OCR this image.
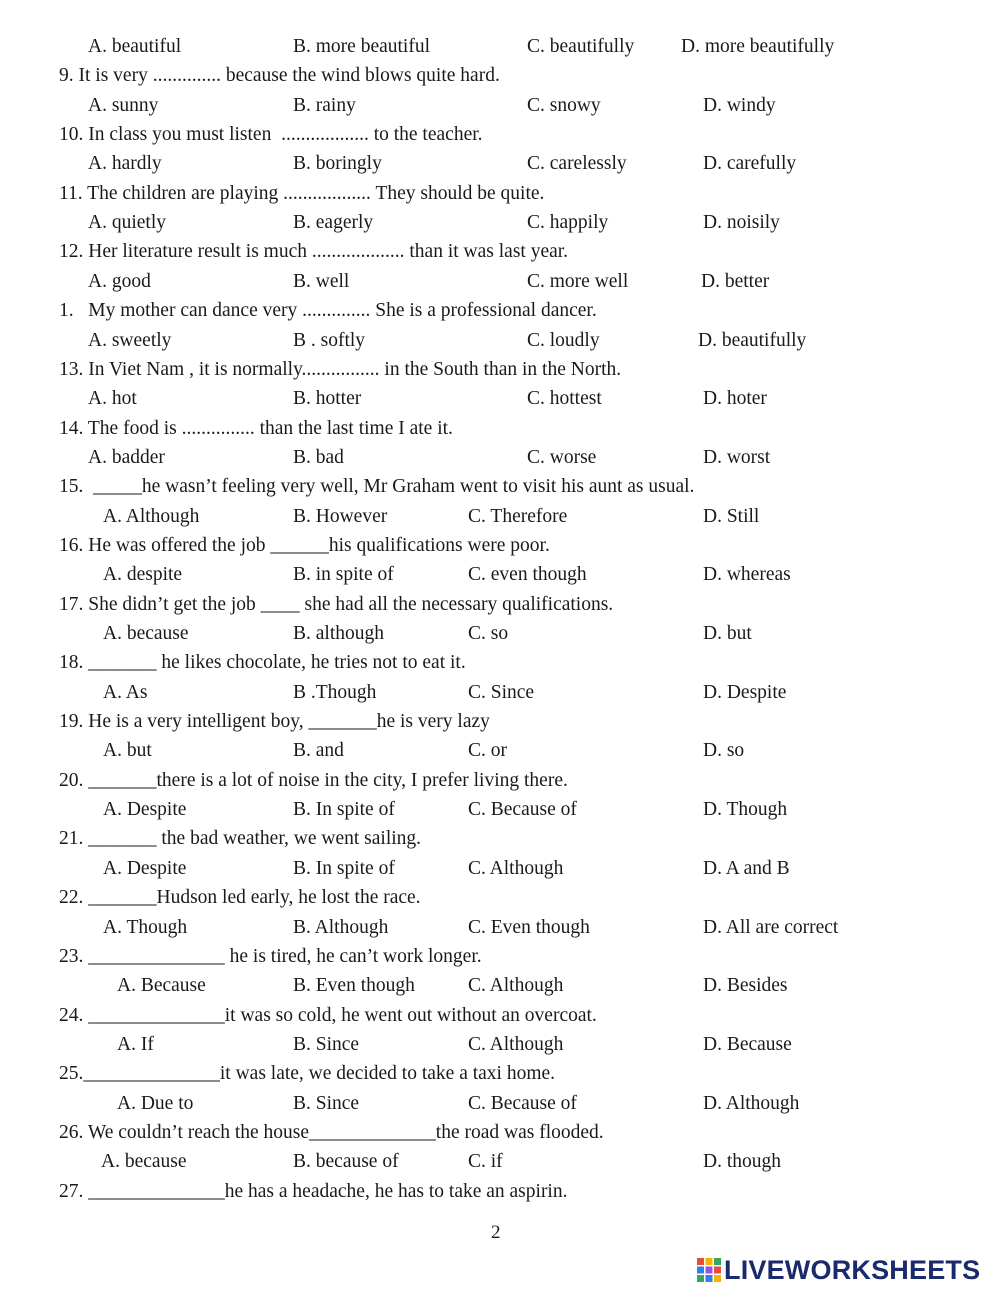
A. beautiful	B. more beautiful	C. beautifully D. more beautifully
9. It is very .............. because the wind blows quite hard.
A. sunny	B. rainy	C. snowy	D. windy
10. In class you must listen  .................. to the teacher.
A. hardly	B. boringly	C. carelessly	D. carefully
11. The children are playing .................. They should be quite.
A. quietly	B. eagerly	C. happily	D. noisily
12. Her literature result is much ................... than it was last year.
A. good	B. well	C. more well	D. better
1.   My mother can dance very .............. She is a professional dancer.
A. sweetly	B . softly	C. loudly	D. beautifully
13. In Viet Nam , it is normally................ in the South than in the North.
A. hot	B. hotter	C. hottest	D. hoter
14. The food is ............... than the last time I ate it.
A. badder	B. bad	C. worse	D. worst
15.  _____he wasn’t feeling very well, Mr Graham went to visit his aunt as usual.
A. Although	B. However	C. Therefore	D. Still
16. He was offered the job ______his qualifications were poor.
A. despite	B. in spite of	C. even though	D. whereas
17. She didn’t get the job ____ she had all the necessary qualifications.
A. because	B. although	C. so	D. but
18. _______ he likes chocolate, he tries not to eat it.
A. As	B .Though	C. Since	D. Despite
19. He is a very intelligent boy, _______he is very lazy
A. but	B. and	C. or	D. so
20. _______there is a lot of noise in the city, I prefer living there.
A. Despite	B. In spite of	C. Because of	D. Though
21. _______ the bad weather, we went sailing.
A. Despite	B. In spite of	C. Although	D. A and B
22. _______Hudson led early, he lost the race.
A. Though	B. Although	C. Even though	D. All are correct
23. ______________ he is tired, he can’t work longer.
A. Because	B. Even though	C. Although	D. Besides
24. ______________it was so cold, he went out without an overcoat.
A. If	B. Since	C. Although	D. Because
25.______________it was late, we decided to take a taxi home.
A. Due to	B. Since	C. Because of	D. Although
26. We couldn’t reach the house_____________the road was flooded.
A. because	B. because of	C. if	D. though
27. ______________he has a headache, he has to take an aspirin.
2
LIVEWORKSHEETS
